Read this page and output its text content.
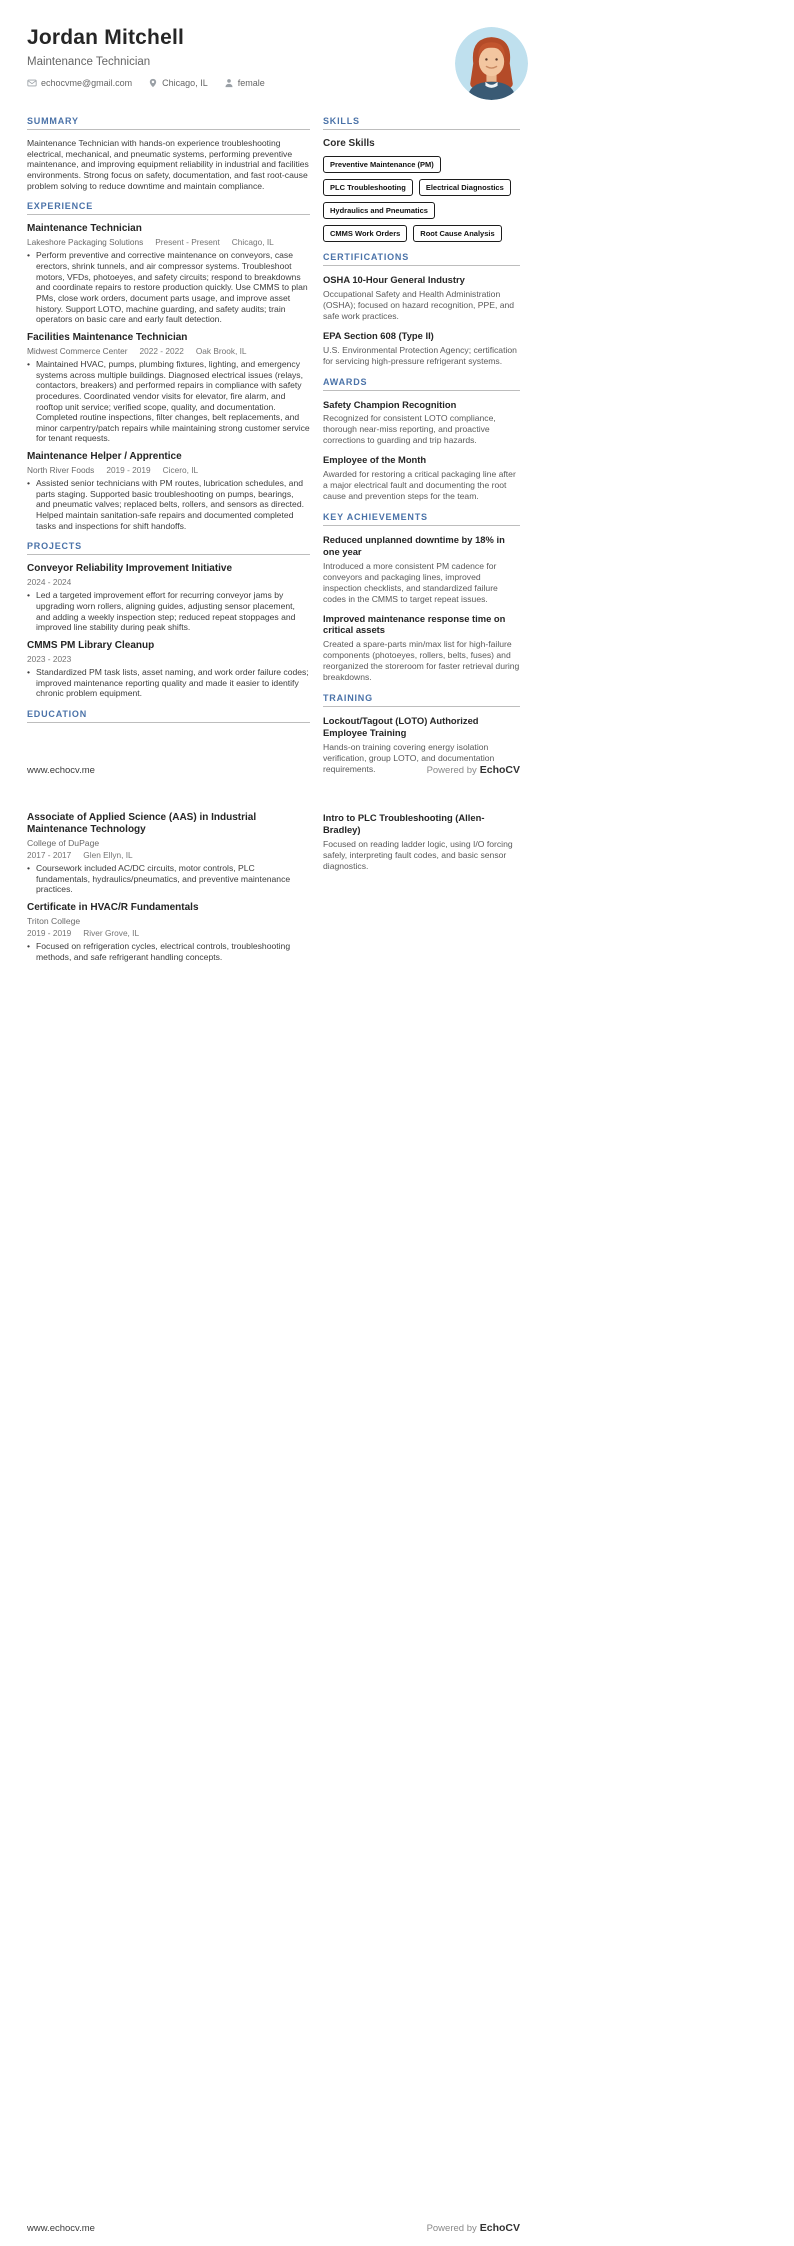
Jordan Mitchell
Maintenance Technician
echocvme@gmail.com	Chicago, IL	female
SUMMARY

Maintenance Technician with hands-on experience troubleshooting electrical, mechanical, and pneumatic systems, performing preventive maintenance, and improving equipment reliability in industrial and facilities environments. Strong focus on safety, documentation, and fast root-cause problem solving to reduce downtime and maintain compliance.

EXPERIENCE
Maintenance Technician
Lakeshore Packaging Solutions Present - Present Chicago, IL
• Perform preventive and corrective maintenance on conveyors, case erectors, shrink tunnels, and air compressor systems. Troubleshoot motors, VFDs, photoeyes, and safety circuits; respond to breakdowns and coordinate repairs to restore production quickly. Use CMMS to plan PMs, close work orders, document parts usage, and improve asset history. Support LOTO, machine guarding, and safety audits; train operators on basic care and early fault detection.
Facilities Maintenance Technician
Midwest Commerce Center 2022 - 2022 Oak Brook, IL
• Maintained HVAC, pumps, plumbing fixtures, lighting, and emergency systems across multiple buildings. Diagnosed electrical issues (relays, contactors, breakers) and performed repairs in compliance with safety procedures. Coordinated vendor visits for elevator, fire alarm, and rooftop unit service; verified scope, quality, and documentation. Completed routine inspections, filter changes, belt replacements, and minor carpentry/patch repairs while maintaining strong customer service for tenant requests.
Maintenance Helper / Apprentice
North River Foods 2019 - 2019 Cicero, IL
• Assisted senior technicians with PM routes, lubrication schedules, and parts staging. Supported basic troubleshooting on pumps, bearings, and pneumatic valves; replaced belts, rollers, and sensors as directed. Helped maintain sanitation-safe repairs and documented completed tasks and inspections for shift handoffs.
PROJECTS
Conveyor Reliability Improvement Initiative
2024 - 2024
• Led a targeted improvement effort for recurring conveyor jams by upgrading worn rollers, aligning guides, adjusting sensor placement, and adding a weekly inspection step; reduced repeat stoppages and improved line stability during peak shifts.
CMMS PM Library Cleanup
2023 - 2023
• Standardized PM task lists, asset naming, and work order failure codes; improved maintenance reporting quality and made it easier to identify chronic problem equipment.
EDUCATION
SKILLS
Core Skills
Preventive Maintenance (PM)
PLC Troubleshooting	Electrical Diagnostics
Hydraulics and Pneumatics
CMMS Work Orders	Root Cause Analysis
CERTIFICATIONS
OSHA 10-Hour General Industry
Occupational Safety and Health Administration (OSHA); focused on hazard recognition, PPE, and safe work practices.
EPA Section 608 (Type II)
U.S. Environmental Protection Agency; certification for servicing high-pressure refrigerant systems.
AWARDS
Safety Champion Recognition
Recognized for consistent LOTO compliance, thorough near-miss reporting, and proactive corrections to guarding and trip hazards.
Employee of the Month
Awarded for restoring a critical packaging line after a major electrical fault and documenting the root cause and prevention steps for the team.
KEY ACHIEVEMENTS
Reduced unplanned downtime by 18% in one year
Introduced a more consistent PM cadence for conveyors and packaging lines, improved inspection checklists, and standardized failure codes in the CMMS to target repeat issues.
Improved maintenance response time on critical assets
Created a spare-parts min/max list for high-failure components (photoeyes, rollers, belts, fuses) and reorganized the storeroom for faster retrieval during breakdowns.
TRAINING
Lockout/Tagout (LOTO) Authorized Employee Training
Hands-on training covering energy isolation verification, group LOTO, and documentation requirements.
www.echocv.me	Powered by EchoCV
Associate of Applied Science (AAS) in Industrial Maintenance Technology
College of DuPage
2017 - 2017 Glen Ellyn, IL
• Coursework included AC/DC circuits, motor controls, PLC fundamentals, hydraulics/pneumatics, and preventive maintenance practices.
Certificate in HVAC/R Fundamentals
Triton College
2019 - 2019 River Grove, IL
• Focused on refrigeration cycles, electrical controls, troubleshooting methods, and safe refrigerant handling concepts.
Intro to PLC Troubleshooting (Allen-Bradley)
Focused on reading ladder logic, using I/O forcing safely, interpreting fault codes, and basic sensor diagnostics.
www.echocv.me	Powered by EchoCV
